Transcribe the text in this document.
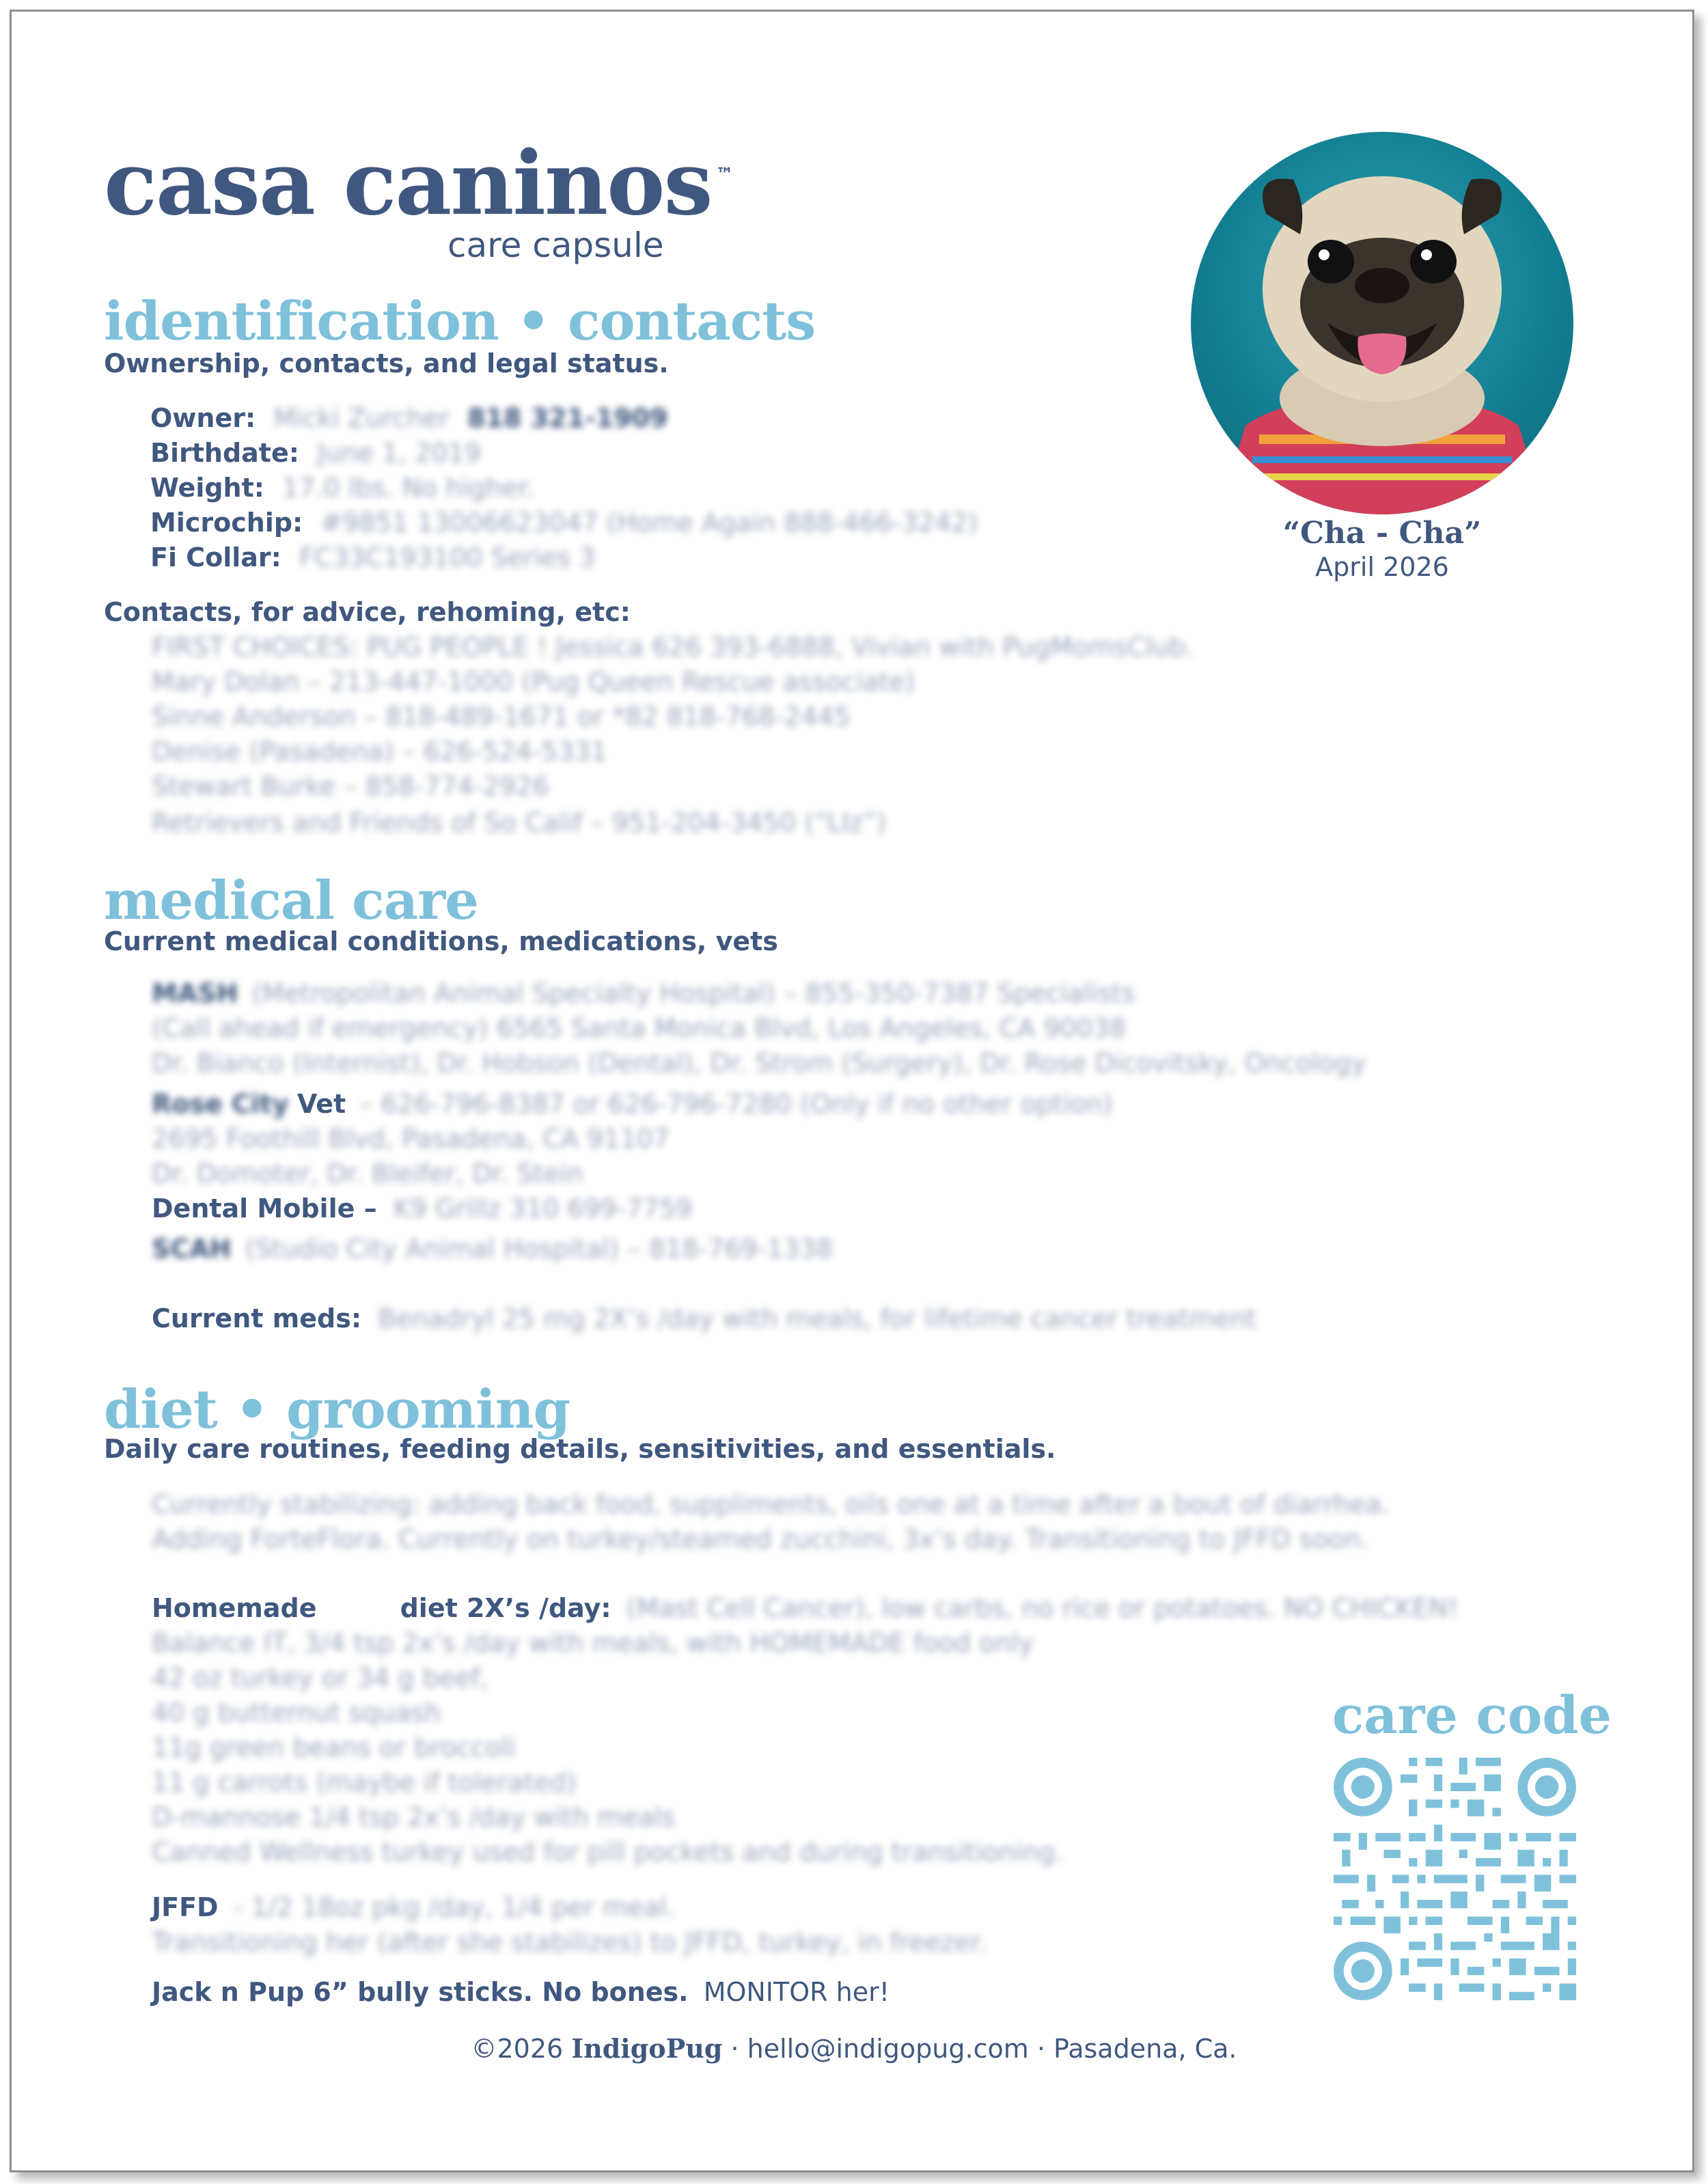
casa caninos ™
care capsule
“Cha - Cha”
April 2026
identification • contacts
Ownership, contacts, and legal status.
Owner: Micki Zurcher 818 321-1909
Birthdate: June 1, 2019
Weight: 17.0 lbs. No higher.
Microchip: #9851 13006623047 (Home Again 888-466-3242)
Fi Collar: FC33C193100 Series 3
Contacts, for advice, rehoming, etc:
FIRST CHOICES: PUG PEOPLE ! Jessica 626 393-6888, Vivian with PugMomsClub.
Mary Dolan – 213-447-1000 (Pug Queen Rescue associate)
Sinne Anderson – 818-489-1671 or *82 818-768-2445
Denise (Pasadena) – 626-524-5331
Stewart Burke – 858-774-2926
Retrievers and Friends of So Calif – 951-204-3450 (“LIz”)
medical care
Current medical conditions, medications, vets
MASH (Metropolitan Animal Specialty Hospital) – 855-350-7387 Specialists
(Call ahead if emergency) 6565 Santa Monica Blvd, Los Angeles, CA 90038
Dr. Bianco (Internist), Dr. Hobson (Dental), Dr. Strom (Surgery), Dr. Rose Dicovitsky, Oncology
Rose City Vet – 626-796-8387 or 626-796-7280 (Only if no other option)
2695 Foothill Blvd, Pasadena, CA 91107
Dr. Domoter, Dr. Bleifer, Dr. Stein
Dental Mobile – K9 Grillz 310 699-7759
SCAH (Studio City Animal Hospital) – 818-769-1338
Current meds: Benadryl 25 mg 2X’s /day with meals, for lifetime cancer treatment
diet • grooming
Daily care routines, feeding details, sensitivities, and essentials.
Currently stabilizing: adding back food, suppliments, oils one at a time after a bout of diarrhea.
Adding ForteFlora. Currently on turkey/steamed zucchini, 3x’s day. Transitioning to JFFD soon.
Homemade	diet 2X’s /day: (Mast Cell Cancer), low carbs, no rice or potatoes. NO CHICKEN!
Balance IT, 3/4 tsp 2x’s /day with meals, with HOMEMADE food only
42 oz turkey or 34 g beef,
40 g butternut squash
11g green beans or broccoli
11 g carrots (maybe if tolerated)
D-mannose 1/4 tsp 2x’s /day with meals
Canned Wellness turkey used for pill pockets and during transitioning.
JFFD - 1/2 18oz pkg /day, 1/4 per meal.
Transitioning her (after she stabilizes) to JFFD, turkey, in freezer.
Jack n Pup 6” bully sticks. No bones. MONITOR her!
care code
©2026 IndigoPug · hello@indigopug.com · Pasadena, Ca.
